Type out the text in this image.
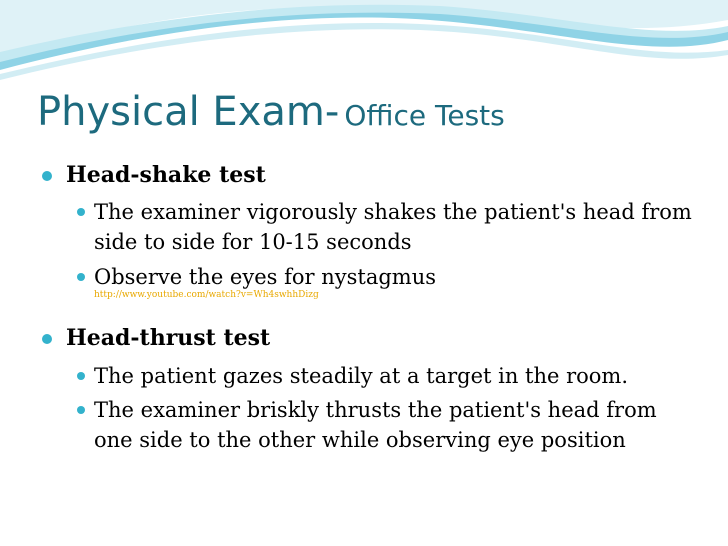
Physical Exam- Office Tests
Head-shake test
The examiner vigorously shakes the patient's head from
side to side for 10-15 seconds
Observe the eyes for nystagmus
http://www.youtube.com/watch?v=Wh4swhhDizg
Head-thrust test
The patient gazes steadily at a target in the room.
The examiner briskly thrusts the patient's head from
one side to the other while observing eye position
